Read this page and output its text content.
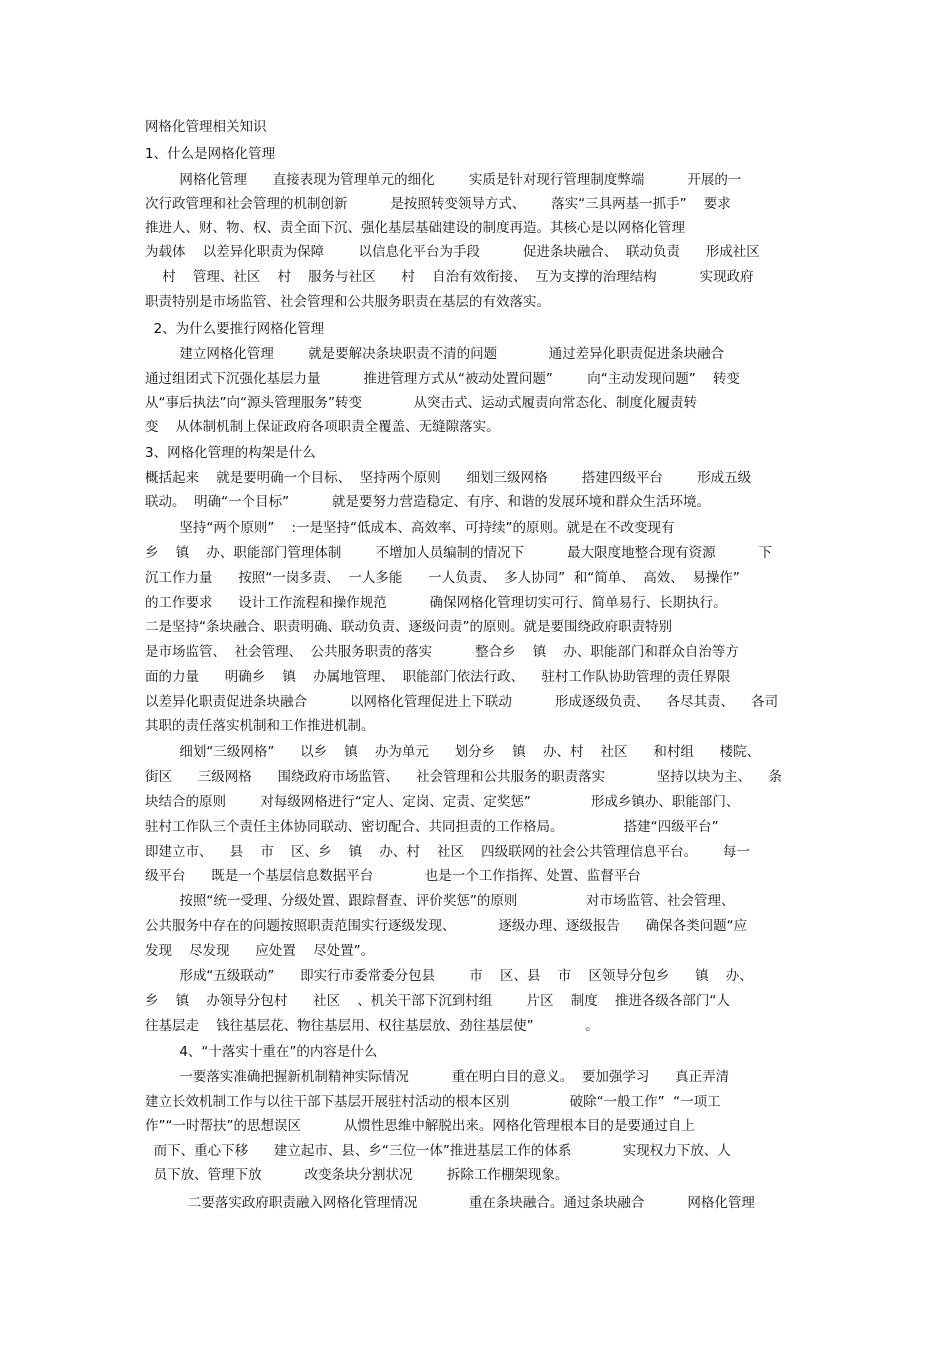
网格化管理相关知识
1、什么是网格化管理
网格化管理      直接表现为管理单元的细化        实质是针对现行管理制度弊端          开展的一
次行政管理和社会管理的机制创新          是按照转变领导方式、      落实“三具两基一抓手”    要求
推进人、财、物、权、责全面下沉、强化基层基础建设的制度再造。其核心是以网格化管理
为载体    以差异化职责为保障        以信息化平台为手段          促进条块融合、  联动负责      形成社区
村    管理、社区    村    服务与社区      村    自治有效衔接、  互为支撑的治理结构          实现政府
职责特别是市场监管、社会管理和公共服务职责在基层的有效落实。
2、为什么要推行网格化管理
建立网格化管理        就是要解决条块职责不清的问题            通过差异化职责促进条块融合
通过组团式下沉强化基层力量          推进管理方式从“被动处置问题”        向“主动发现问题”    转变
从“事后执法”向“源头管理服务”转变            从突击式、运动式履责向常态化、制度化履责转
变    从体制机制上保证政府各项职责全覆盖、无缝隙落实。
3、网格化管理的构架是什么
概括起来    就是要明确一个目标、  坚持两个原则      细划三级网格        搭建四级平台        形成五级
联动。  明确“一个目标”          就是要努力营造稳定、有序、和谐的发展环境和群众生活环境。
坚持“两个原则”    :一是坚持“低成本、高效率、可持续”的原则。就是在不改变现有
乡    镇    办、职能部门管理体制        不增加人员编制的情况下          最大限度地整合现有资源          下
沉工作力量      按照“一岗多责、  一人多能      一人负责、  多人协同”  和“简单、  高效、  易操作”
的工作要求      设计工作流程和操作规范          确保网格化管理切实可行、简单易行、长期执行。
二是坚持“条块融合、职责明确、联动负责、逐级问责”的原则。就是要围绕政府职责特别
是市场监管、  社会管理、  公共服务职责的落实          整合乡    镇    办、职能部门和群众自治等方
面的力量      明确乡    镇    办属地管理、  职能部门依法行政、    驻村工作队协助管理的责任界限
以差异化职责促进条块融合          以网格化管理促进上下联动          形成逐级负责、    各尽其责、    各司
其职的责任落实机制和工作推进机制。
细划“三级网格”      以乡    镇    办为单元      划分乡    镇    办、村    社区      和村组      楼院、
街区      三级网格      围绕政府市场监管、    社会管理和公共服务的职责落实            坚持以块为主、    条
块结合的原则        对每级网格进行“定人、定岗、定责、定奖惩”              形成乡镇办、职能部门、
驻村工作队三个责任主体协同联动、密切配合、共同担责的工作格局。              搭建“四级平台”
即建立市、    县    市    区、乡    镇    办、村    社区    四级联网的社会公共管理信息平台。      每一
级平台      既是一个基层信息数据平台            也是一个工作指挥、处置、监督平台
按照“统一受理、分级处置、跟踪督查、评价奖惩”的原则                对市场监管、社会管理、
公共服务中存在的问题按照职责范围实行逐级发现、          逐级办理、逐级报告      确保各类问题“应
发现    尽发现      应处置    尽处置”。
形成“五级联动”      即实行市委常委分包县        市    区、县    市    区领导分包乡      镇    办、
乡    镇    办领导分包村      社区    、机关干部下沉到村组        片区    制度    推进各级各部门“人
往基层走    钱往基层花、物往基层用、权往基层放、劲往基层使”            。
4、“十落实十重在”的内容是什么
一要落实准确把握新机制精神实际情况          重在明白目的意义。  要加强学习      真正弄清
建立长效机制工作与以往干部下基层开展驻村活动的根本区别              破除“一般工作”  “一项工
作”“一时帮扶”的思想误区          从惯性思维中解脱出来。网格化管理根本目的是要通过自上
而下、重心下移      建立起市、县、乡“三位一体”推进基层工作的体系            实现权力下放、人
员下放、管理下放          改变条块分割状况        拆除工作棚架现象。
二要落实政府职责融入网格化管理情况            重在条块融合。通过条块融合          网格化管理
